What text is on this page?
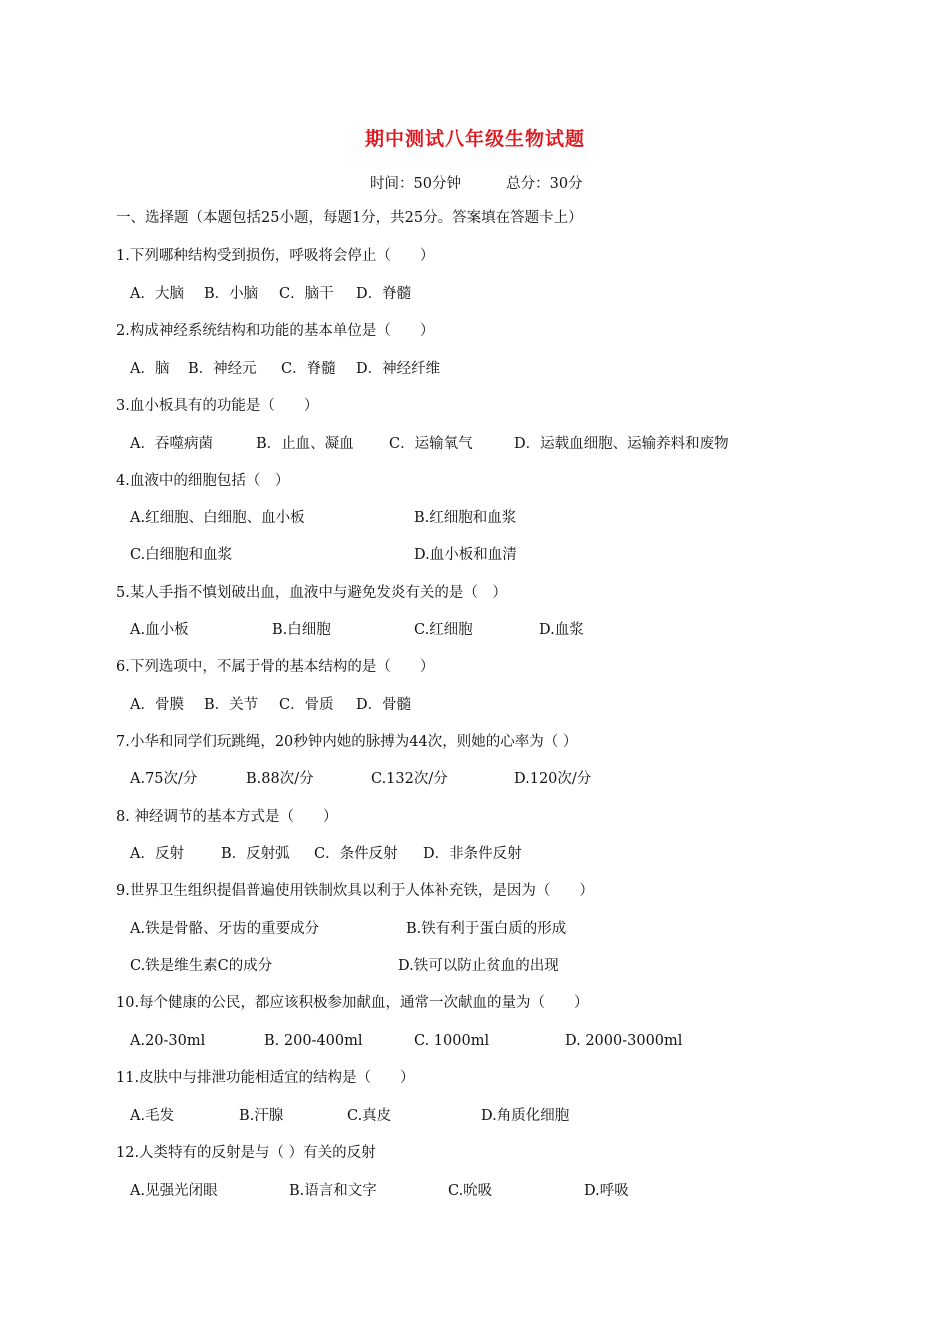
期中测试八年级生物试题
时间：50分钟	总分：30分
一、选择题（本题包括25小题，每题1分，共25分。答案填在答题卡上）
1.下列哪种结构受到损伤，呼吸将会停止（　　）
A．大脑 B．小脑 C．脑干 D．脊髓
2.构成神经系统结构和功能的基本单位是（　　）
A．脑 B．神经元 C．脊髓 D．神经纤维
3.血小板具有的功能是（　　）
A．吞噬病菌	B．止血、凝血 C．运输氧气	D．运载血细胞、运输养料和废物
4.血液中的细胞包括（　）
A.红细胞、白细胞、血小板	B.红细胞和血浆
C.白细胞和血浆	D.血小板和血清
5.某人手指不慎划破出血，血液中与避免发炎有关的是（　）
A.血小板	B.白细胞	C.红细胞	D.血浆
6.下列选项中，不属于骨的基本结构的是（　　）
A．骨膜 B．关节 C．骨质 D．骨髓
7.小华和同学们玩跳绳，20秒钟内她的脉搏为44次，则她的心率为（ ）
A.75次/分	B.88次/分	C.132次/分	D.120次/分
8. 神经调节的基本方式是（　　）
A．反射	B．反射弧 C．条件反射 D．非条件反射
9.世界卫生组织提倡普遍使用铁制炊具以利于人体补充铁，是因为（　　）
A.铁是骨骼、牙齿的重要成分	B.铁有利于蛋白质的形成
C.铁是维生素C的成分	D.铁可以防止贫血的出现
10.每个健康的公民，都应该积极参加献血，通常一次献血的量为（　　）
A.20-30ml	B. 200-400ml	C. 1000ml	D. 2000-3000ml
11.皮肤中与排泄功能相适宜的结构是（　　）
A.毛发	B.汗腺	C.真皮	D.角质化细胞
12.人类特有的反射是与（ ）有关的反射
A.见强光闭眼	B.语言和文字	C.吮吸	D.呼吸
